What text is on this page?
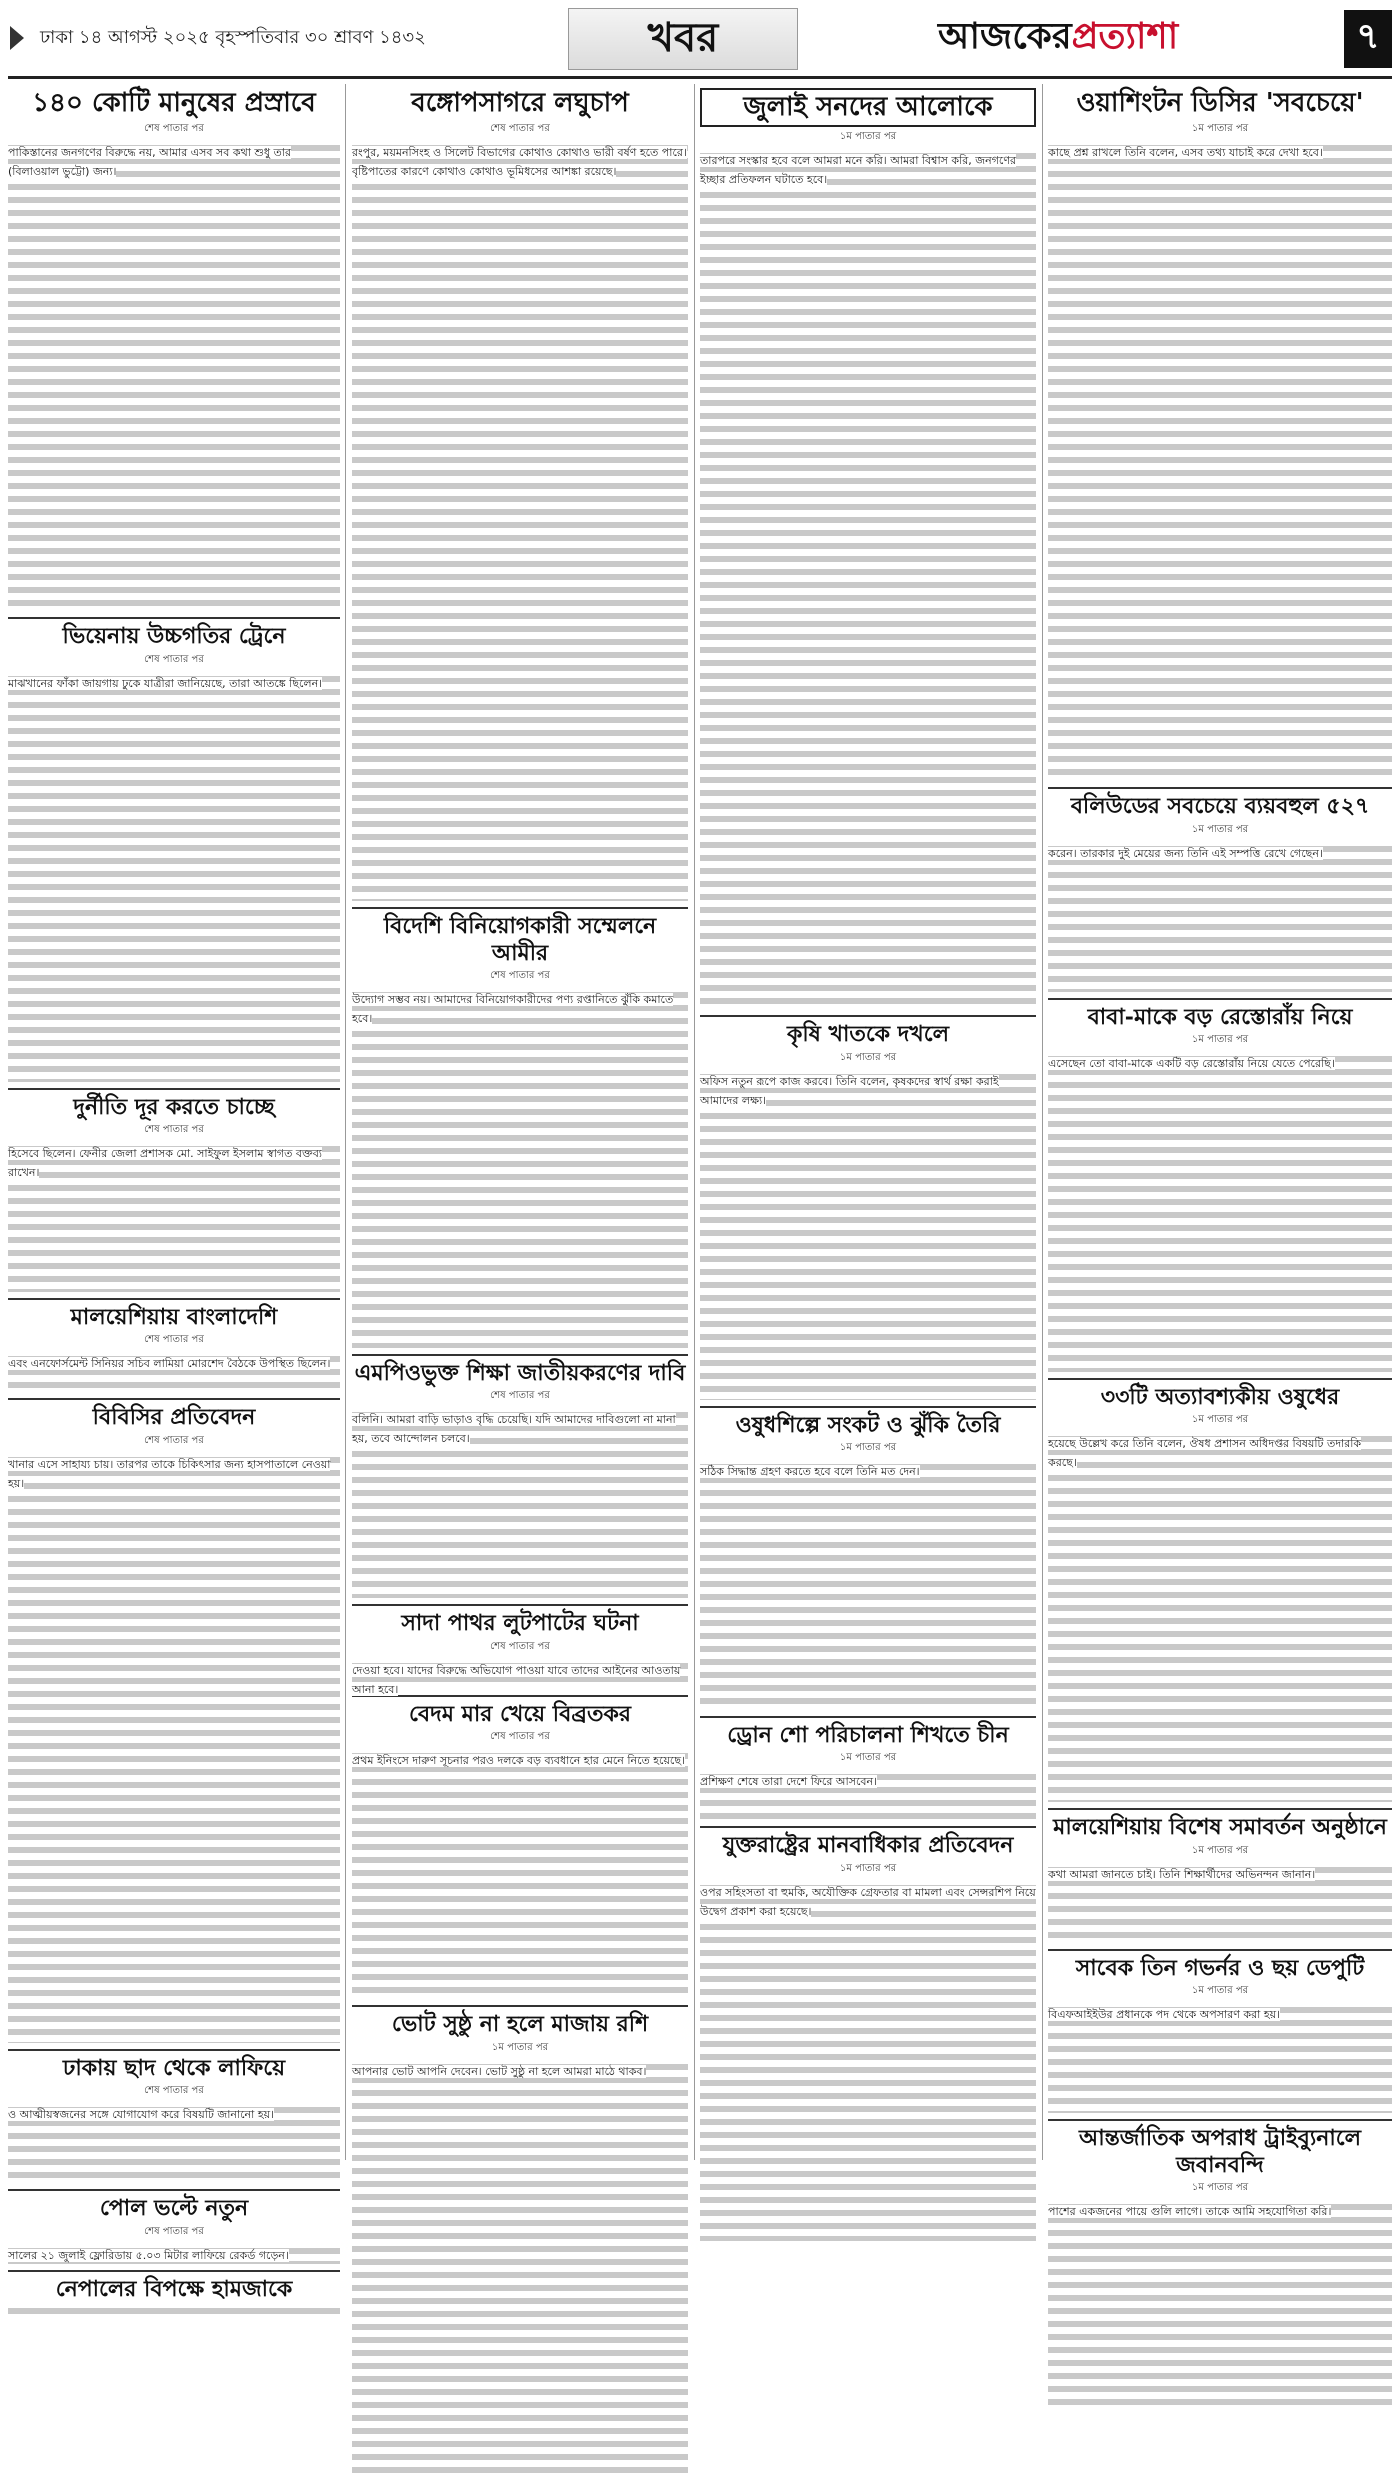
ঢাকা ১৪ আগস্ট ২০২৫ বৃহস্পতিবার ৩০ শ্রাবণ ১৪৩২	খবর	আজকের প্রত্যাশা	৭
১৪০ কোটি মানুষের প্রস্রাবে
শেষ পাতার পর

পাকিস্তানের জনগণের বিরুদ্ধে নয়, আমার এসব সব কথা শুধু তার (বিলাওয়াল ভুট্টো) জন্য।

ভিয়েনায় উচ্চগতির ট্রেনে
শেষ পাতার পর

মাঝখানের ফাঁকা জায়গায় ঢুকে যাত্রীরা জানিয়েছে, তারা আতঙ্কে ছিলেন।

দুর্নীতি দূর করতে চাচ্ছে
শেষ পাতার পর

হিসেবে ছিলেন। ফেনীর জেলা প্রশাসক মো. সাইফুল ইসলাম স্বাগত বক্তব্য রাখেন।

মালয়েশিয়ায় বাংলাদেশি
শেষ পাতার পর

এবং এনফোর্সমেন্ট সিনিয়র সচিব লামিয়া মোরশেদ বৈঠকে উপস্থিত ছিলেন।

বিবিসির প্রতিবেদন
শেষ পাতার পর

খানার এসে সাহায্য চায়। তারপর তাকে চিকিৎসার জন্য হাসপাতালে নেওয়া হয়।

ঢাকায় ছাদ থেকে লাফিয়ে
শেষ পাতার পর

ও আত্মীয়স্বজনের সঙ্গে যোগাযোগ করে বিষয়টি জানানো হয়।

পোল ভল্টে নতুন
শেষ পাতার পর

সালের ২১ জুলাই ফ্লোরিডায় ৫.০৩ মিটার লাফিয়ে রেকর্ড গড়েন।

নেপালের বিপক্ষে হামজাকে

বঙ্গোপসাগরে লঘুচাপ
শেষ পাতার পর

রংপুর, ময়মনসিংহ ও সিলেট বিভাগের কোথাও কোথাও ভারী বর্ষণ হতে পারে। বৃষ্টিপাতের কারণে কোথাও কোথাও ভূমিধসের আশঙ্কা রয়েছে।

বিদেশি বিনিয়োগকারী সম্মেলনে আমীর
শেষ পাতার পর

উদ্যোগ সম্ভব নয়। আমাদের বিনিয়োগকারীদের পণ্য রপ্তানিতে ঝুঁকি কমাতে হবে।

এমপিওভুক্ত শিক্ষা জাতীয়করণের দাবি
শেষ পাতার পর

বলিনি। আমরা বাড়ি ভাড়াও বৃদ্ধি চেয়েছি। যদি আমাদের দাবিগুলো না মানা হয়, তবে আন্দোলন চলবে।

সাদা পাথর লুটপাটের ঘটনা
শেষ পাতার পর

দেওয়া হবে। যাদের বিরুদ্ধে অভিযোগ পাওয়া যাবে তাদের আইনের আওতায় আনা হবে।

বেদম মার খেয়ে বিব্রতকর
শেষ পাতার পর

প্রথম ইনিংসে দারুণ সূচনার পরও দলকে বড় ব্যবধানে হার মেনে নিতে হয়েছে।

ভোট সুষ্ঠু না হলে মাজায় রশি
১ম পাতার পর

আপনার ভোট আপনি দেবেন। ভোট সুষ্ঠু না হলে আমরা মাঠে থাকব।

জুলাই সনদের আলোকে
১ম পাতার পর

তারপরে সংস্কার হবে বলে আমরা মনে করি। আমরা বিশ্বাস করি, জনগণের ইচ্ছার প্রতিফলন ঘটাতে হবে।

কৃষি খাতকে দখলে
১ম পাতার পর

অফিস নতুন রূপে কাজ করবে। তিনি বলেন, কৃষকদের স্বার্থ রক্ষা করাই আমাদের লক্ষ্য।

ওষুধশিল্পে সংকট ও ঝুঁকি তৈরি
১ম পাতার পর

সঠিক সিদ্ধান্ত গ্রহণ করতে হবে বলে তিনি মত দেন।

ড্রোন শো পরিচালনা শিখতে চীন
১ম পাতার পর

প্রশিক্ষণ শেষে তারা দেশে ফিরে আসবেন।

যুক্তরাষ্ট্রের মানবাধিকার প্রতিবেদন
১ম পাতার পর

ওপর সহিংসতা বা হুমকি, অযৌক্তিক গ্রেফতার বা মামলা এবং সেন্সরশিপ নিয়ে উদ্বেগ প্রকাশ করা হয়েছে।

ওয়াশিংটন ডিসির 'সবচেয়ে'
১ম পাতার পর

কাছে প্রশ্ন রাখলে তিনি বলেন, এসব তথ্য যাচাই করে দেখা হবে।

বলিউডের সবচেয়ে ব্যয়বহুল ৫২৭
১ম পাতার পর

করেন। তারকার দুই মেয়ের জন্য তিনি এই সম্পত্তি রেখে গেছেন।

বাবা-মাকে বড় রেস্তোরাঁয় নিয়ে
১ম পাতার পর

এসেছেন তো বাবা-মাকে একটি বড় রেস্তোরাঁয় নিয়ে যেতে পেরেছি।

৩৩টি অত্যাবশ্যকীয় ওষুধের
১ম পাতার পর

হয়েছে উল্লেখ করে তিনি বলেন, ঔষধ প্রশাসন অধিদপ্তর বিষয়টি তদারকি করছে।

মালয়েশিয়ায় বিশেষ সমাবর্তন অনুষ্ঠানে
১ম পাতার পর

কথা আমরা জানতে চাই। তিনি শিক্ষার্থীদের অভিনন্দন জানান।

সাবেক তিন গভর্নর ও ছয় ডেপুটি
১ম পাতার পর

বিএফআইইউর প্রধানকে পদ থেকে অপসারণ করা হয়।

আন্তর্জাতিক অপরাধ ট্রাইব্যুনালে জবানবন্দি
১ম পাতার পর

পাশের একজনের পায়ে গুলি লাগে। তাকে আমি সহযোগিতা করি।
